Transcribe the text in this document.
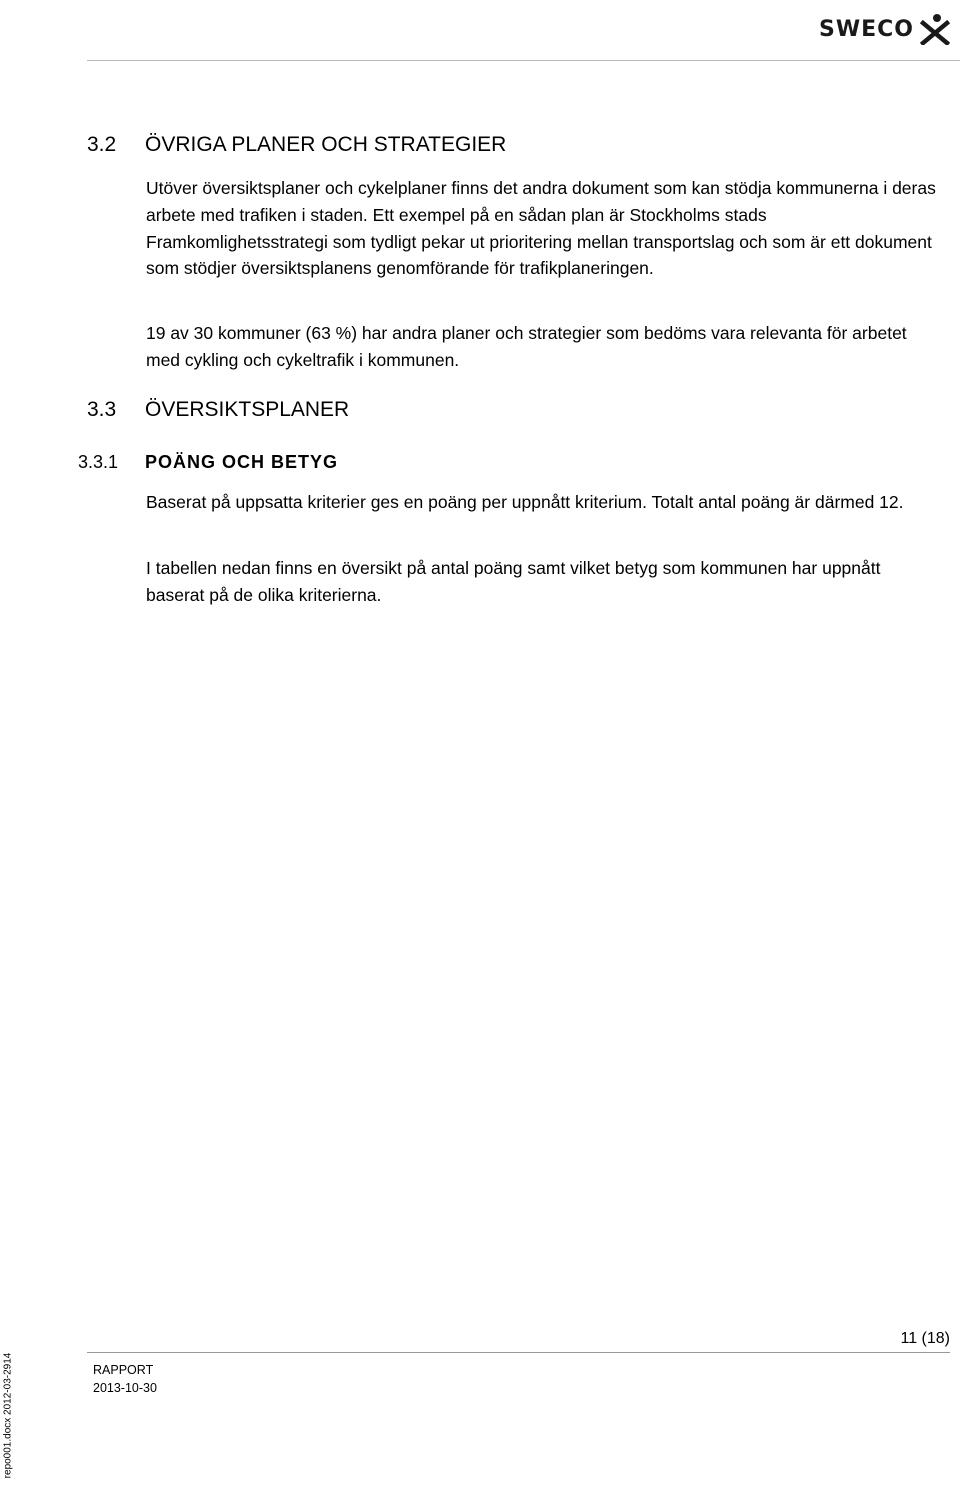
SWECO
3.2 ÖVRIGA PLANER OCH STRATEGIER

Utöver översiktsplaner och cykelplaner finns det andra dokument som kan stödja kommunerna i deras arbete med trafiken i staden. Ett exempel på en sådan plan är Stockholms stads Framkomlighetsstrategi som tydligt pekar ut prioritering mellan transportslag och som är ett dokument som stödjer översiktsplanens genomförande för trafikplaneringen.

19 av 30 kommuner (63 %) har andra planer och strategier som bedöms vara relevanta för arbetet med cykling och cykeltrafik i kommunen.

3.3 ÖVERSIKTSPLANER
3.3.1 POÄNG OCH BETYG

Baserat på uppsatta kriterier ges en poäng per uppnått kriterium. Totalt antal poäng är därmed 12.

I tabellen nedan finns en översikt på antal poäng samt vilket betyg som kommunen har uppnått baserat på de olika kriterierna.

11 (18)
RAPPORT
2013-10-30
repo001.docx 2012-03-2914
